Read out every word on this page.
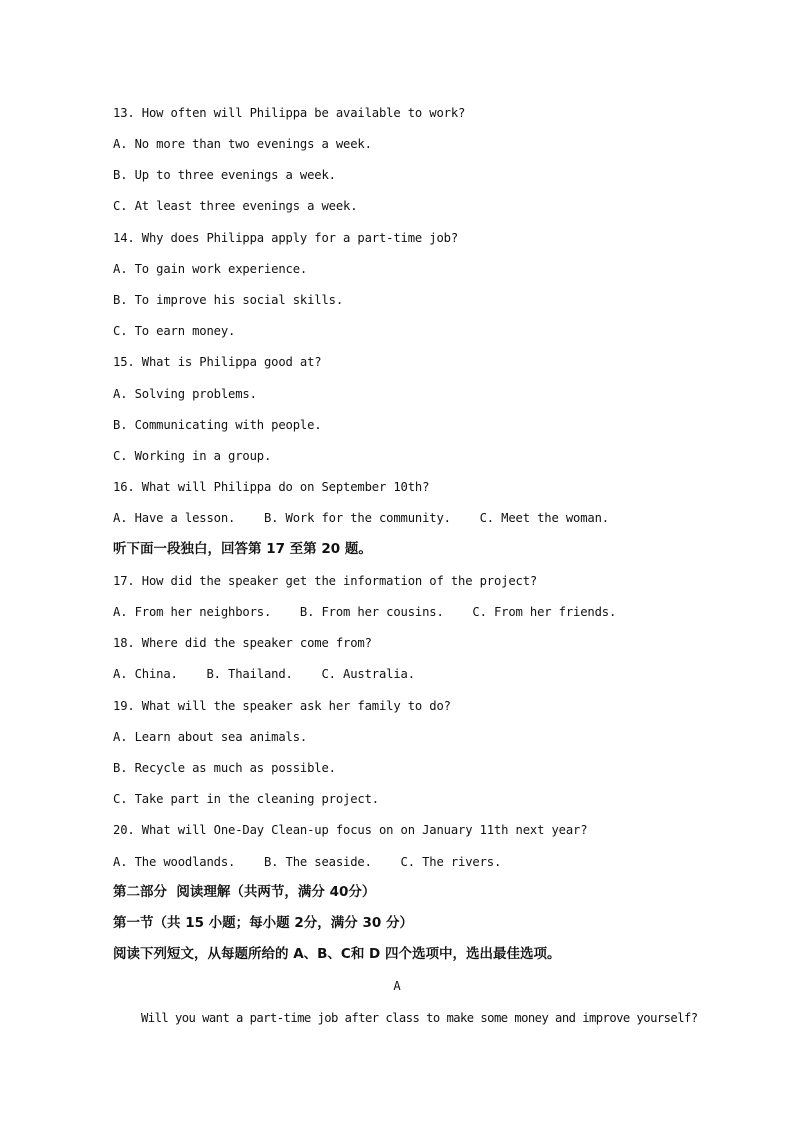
13. How often will Philippa be available to work?
A. No more than two evenings a week.
B. Up to three evenings a week.
C. At least three evenings a week.
14. Why does Philippa apply for a part-time job?
A. To gain work experience.
B. To improve his social skills.
C. To earn money.
15. What is Philippa good at?
A. Solving problems.
B. Communicating with people.
C. Working in a group.
16. What will Philippa do on September 10th?
A. Have a lesson.    B. Work for the community.    C. Meet the woman.
听下面一段独白，回答第 17 至第 20 题。
17. How did the speaker get the information of the project?
A. From her neighbors.    B. From her cousins.    C. From her friends.
18. Where did the speaker come from?
A. China.    B. Thailand.    C. Australia.
19. What will the speaker ask her family to do?
A. Learn about sea animals.
B. Recycle as much as possible.
C. Take part in the cleaning project.
20. What will One-Day Clean-up focus on on January 11th next year?
A. The woodlands.    B. The seaside.    C. The rivers.
第二部分  阅读理解（共两节，满分 40分）
第一节（共 15 小题；每小题 2分，满分 30 分）
阅读下列短文，从每题所给的 A、B、C和 D 四个选项中，选出最佳选项。
A
Will you want a part-time job after class to make some money and improve yourself?
